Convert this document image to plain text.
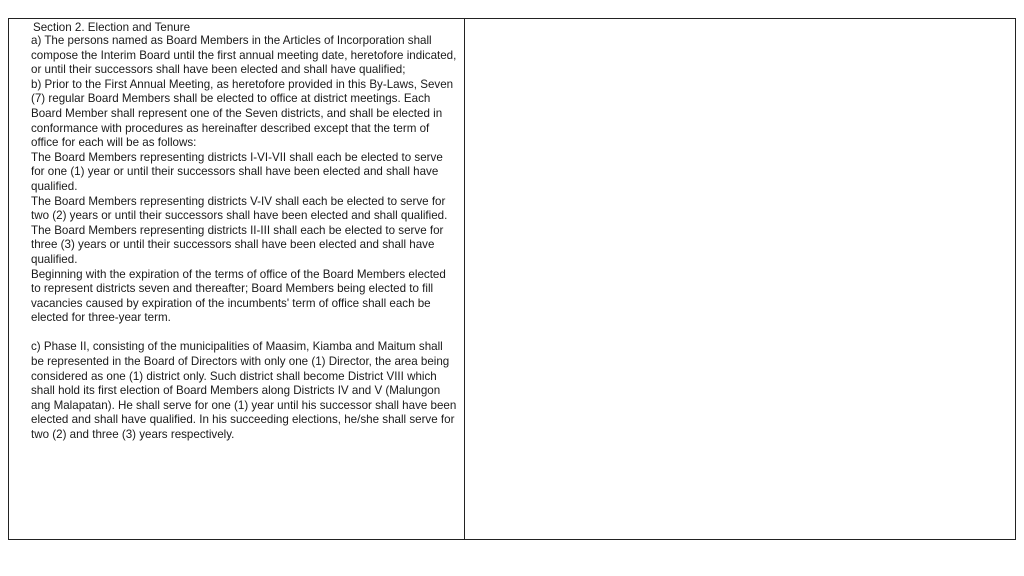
Section 2. Election and Tenure

a) The persons named as Board Members in the Articles of Incorporation shall compose the Interim Board until the first annual meeting date, heretofore indicated, or until their successors shall have been elected and shall have qualified;

b) Prior to the First Annual Meeting, as heretofore provided in this By-Laws, Seven (7) regular Board Members shall be elected to office at district meetings. Each Board Member shall represent one of the Seven districts, and shall be elected in conformance with procedures as hereinafter described except that the term of office for each will be as follows:

The Board Members representing districts I-VI-VII shall each be elected to serve for one (1) year or until their successors shall have been elected and shall have qualified.

The Board Members representing districts V-IV shall each be elected to serve for two (2) years or until their successors shall have been elected and shall qualified.

The Board Members representing districts II-III shall each be elected to serve for three (3) years or until their successors shall have been elected and shall have qualified.

Beginning with the expiration of the terms of office of the Board Members elected to represent districts seven and thereafter; Board Members being elected to fill vacancies caused by expiration of the incumbents' term of office shall each be elected for three-year term.

c) Phase II, consisting of the municipalities of Maasim, Kiamba and Maitum shall be represented in the Board of Directors with only one (1) Director, the area being considered as one (1) district only. Such district shall become District VIII which shall hold its first election of Board Members along Districts IV and V (Malungon ang Malapatan). He shall serve for one (1) year until his successor shall have been elected and shall have qualified. In his succeeding elections, he/she shall serve for two (2) and three (3) years respectively.
